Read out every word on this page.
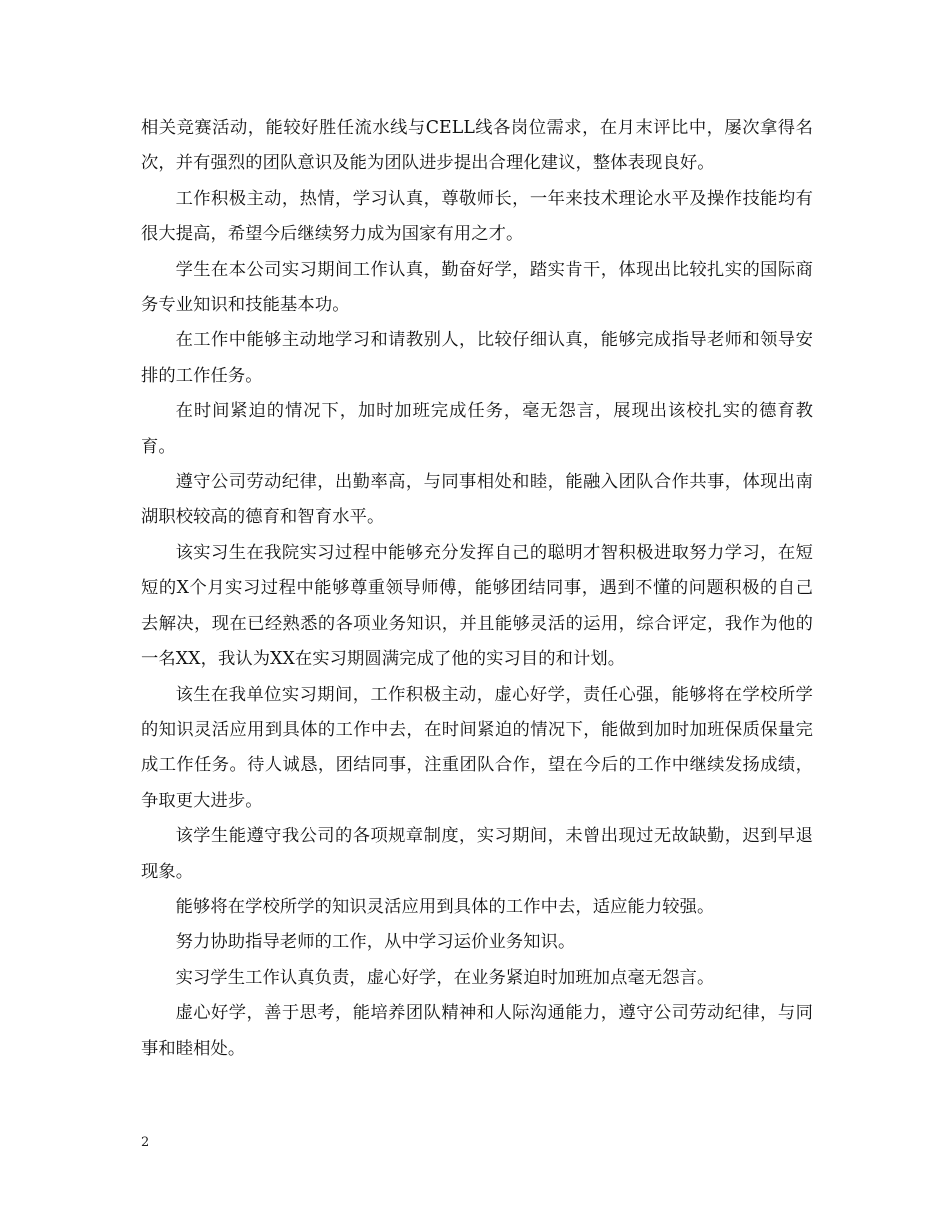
相关竞赛活动，能较好胜任流水线与CELL线各岗位需求，在月末评比中，屡次拿得名次，并有强烈的团队意识及能为团队进步提出合理化建议，整体表现良好。

工作积极主动，热情，学习认真，尊敬师长，一年来技术理论水平及操作技能均有很大提高，希望今后继续努力成为国家有用之才。

学生在本公司实习期间工作认真，勤奋好学，踏实肯干，体现出比较扎实的国际商务专业知识和技能基本功。

在工作中能够主动地学习和请教别人，比较仔细认真，能够完成指导老师和领导安排的工作任务。

在时间紧迫的情况下，加时加班完成任务，毫无怨言，展现出该校扎实的德育教育。

遵守公司劳动纪律，出勤率高，与同事相处和睦，能融入团队合作共事，体现出南湖职校较高的德育和智育水平。

该实习生在我院实习过程中能够充分发挥自己的聪明才智积极进取努力学习，在短短的X个月实习过程中能够尊重领导师傅，能够团结同事，遇到不懂的问题积极的自己去解决，现在已经熟悉的各项业务知识，并且能够灵活的运用，综合评定，我作为他的一名XX，我认为XX在实习期圆满完成了他的实习目的和计划。

该生在我单位实习期间，工作积极主动，虚心好学，责任心强，能够将在学校所学的知识灵活应用到具体的工作中去，在时间紧迫的情况下，能做到加时加班保质保量完成工作任务。待人诚恳，团结同事，注重团队合作，望在今后的工作中继续发扬成绩，争取更大进步。

该学生能遵守我公司的各项规章制度，实习期间，未曾出现过无故缺勤，迟到早退现象。

能够将在学校所学的知识灵活应用到具体的工作中去，适应能力较强。

努力协助指导老师的工作，从中学习运价业务知识。

实习学生工作认真负责，虚心好学，在业务紧迫时加班加点毫无怨言。

虚心好学，善于思考，能培养团队精神和人际沟通能力，遵守公司劳动纪律，与同事和睦相处。

2
